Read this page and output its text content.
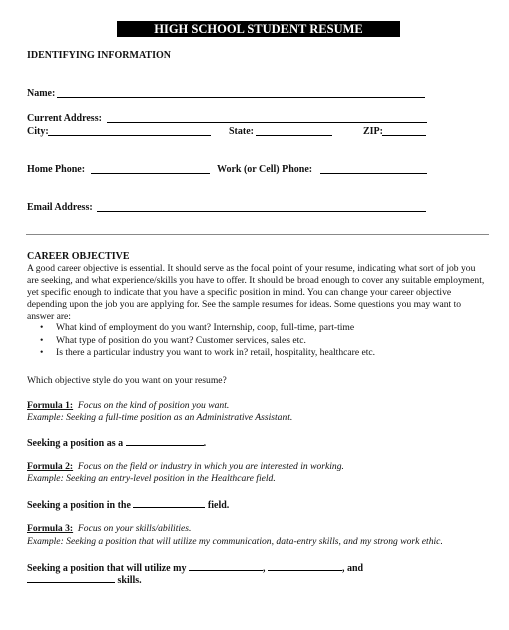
HIGH SCHOOL STUDENT RESUME WORKSHEET
IDENTIFYING INFORMATION
Name:
Current Address:
City:	State:	ZIP:
Home Phone:	Work (or Cell) Phone:
Email Address:
CAREER OBJECTIVE
A good career objective is essential. It should serve as the focal point of your resume, indicating what sort of job you are seeking, and what experience/skills you have to offer. It should be broad enough to cover any suitable employment, yet specific enough to indicate that you have a specific position in mind. You can change your career objective depending upon the job you are applying for. See the sample resumes for ideas. Some questions you may want to answer are:
• What kind of employment do you want? Internship, coop, full-time, part-time
• What type of position do you want? Customer services, sales etc.
• Is there a particular industry you want to work in? retail, hospitality, healthcare etc.
Which objective style do you want on your resume?
Formula 1: Focus on the kind of position you want.
Example: Seeking a full-time position as an Administrative Assistant.
Seeking a position as a	.
Formula 2: Focus on the field or industry in which you are interested in working.
Example: Seeking an entry-level position in the Healthcare field.
Seeking a position in the	field.
Formula 3: Focus on your skills/abilities.
Example: Seeking a position that will utilize my communication, data-entry skills, and my strong work ethic.
Seeking a position that will utilize my	,	, and
skills.
